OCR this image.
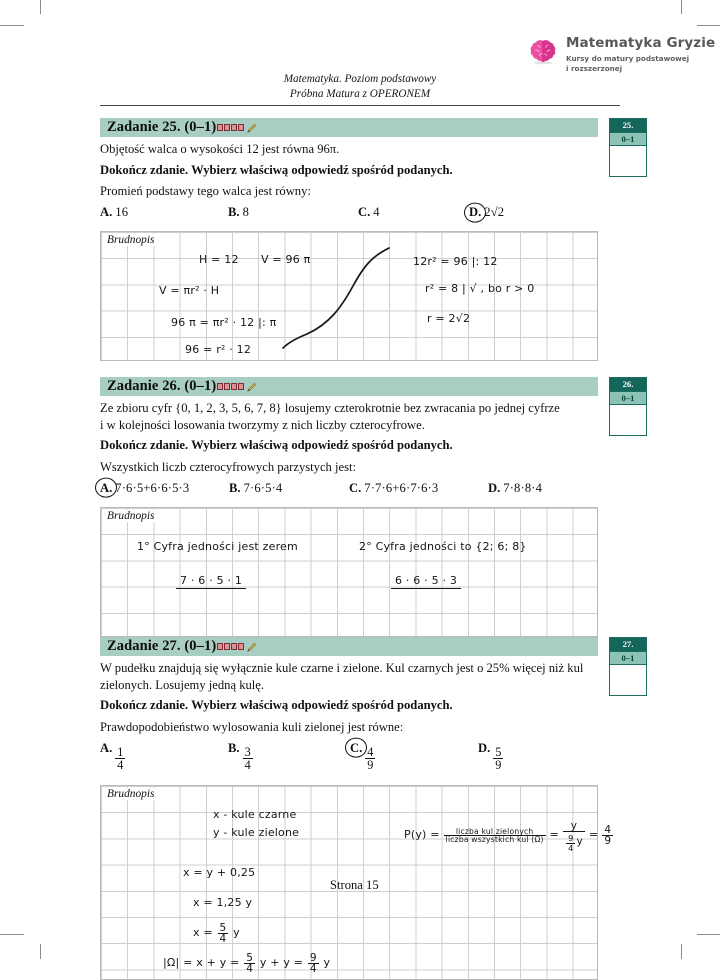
Matematyka Gryzie
Kursy do matury podstawowej
i rozszerzonej
Matematyka. Poziom podstawowy
Próbna Matura z OPERONEM
Zadanie 25. (0–1)
Objętość walca o wysokości 12 jest równa 96π.
Dokończ zdanie. Wybierz właściwą odpowiedź spośród podanych.
Promień podstawy tego walca jest równy:
A. 16	B. 8	C. 4	D. 2√2
Brudnopis
H = 12 V = 96 π
V = πr² · H
96 π = πr² · 12 |: π
96 = r² · 12
12r² = 96 |: 12
r² = 8 | √ , bo r > 0
r = 2√2
25.
0–1
Zadanie 26. (0–1)
Ze zbioru cyfr {0, 1, 2, 3, 5, 6, 7, 8} losujemy czterokrotnie bez zwracania po jednej cyfrze
i w kolejności losowania tworzymy z nich liczby czterocyfrowe.
Dokończ zdanie. Wybierz właściwą odpowiedź spośród podanych.
Wszystkich liczb czterocyfrowych parzystych jest:
A. 7·6·5+6·6·5·3	B. 7·6·5·4	C. 7·7·6+6·7·6·3	D. 7·8·8·4
Brudnopis
1° Cyfra jedności jest zerem
7 · 6 · 5 · 1
2° Cyfra jedności to {2; 6; 8}
6 · 6 · 5 · 3
26.
0–1
Zadanie 27. (0–1)
W pudełku znajdują się wyłącznie kule czarne i zielone. Kul czarnych jest o 25% więcej niż kul
zielonych. Losujemy jedną kulę.
Dokończ zdanie. Wybierz właściwą odpowiedź spośród podanych.
Prawdopodobieństwo wylosowania kuli zielonej jest równe:
A. $\frac{1}{4}$	B. $\frac{3}{4}$	C. $\frac{4}{9}$	D. $\frac{5}{9}$
Brudnopis
x - kule czarne
y - kule zielone
x = y + 0,25
x = 1,25 y
$x = \frac{5}{4}$ y
$|\Omega| = x + y = \frac{5}{4}$ $y + y = \frac{9}{4}$ y
P(y) = liczba kul zielonych
liczba wszystkich kul $(\Omega) = \frac{y}{\frac{9}{4} y} = \frac{4}{9}$
27.
0–1
Strona 15
